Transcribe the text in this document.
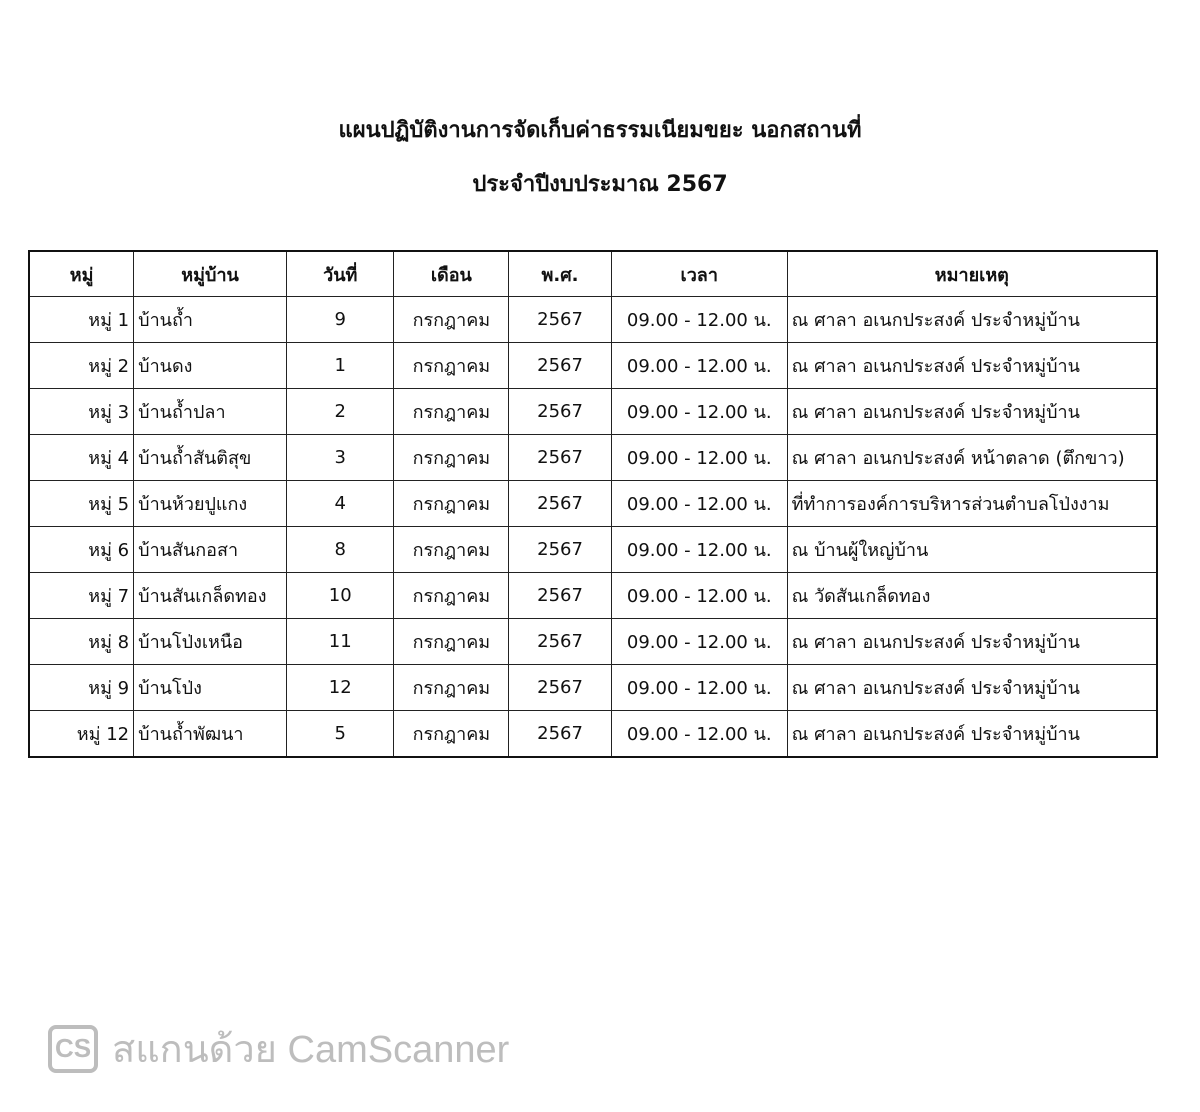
แผนปฏิบัติงานการจัดเก็บค่าธรรมเนียมขยะ นอกสถานที่
ประจำปีงบประมาณ 2567
หมู่	หมู่บ้าน	วันที่	เดือน	พ.ศ.	เวลา	หมายเหตุ
หมู่ 1	บ้านถ้ำ	9	กรกฎาคม	2567	09.00 - 12.00 น.	ณ ศาลา อเนกประสงค์ ประจำหมู่บ้าน
หมู่ 2	บ้านดง	1	กรกฎาคม	2567	09.00 - 12.00 น.	ณ ศาลา อเนกประสงค์ ประจำหมู่บ้าน
หมู่ 3	บ้านถ้ำปลา	2	กรกฎาคม	2567	09.00 - 12.00 น.	ณ ศาลา อเนกประสงค์ ประจำหมู่บ้าน
หมู่ 4	บ้านถ้ำสันติสุข	3	กรกฎาคม	2567	09.00 - 12.00 น.	ณ ศาลา อเนกประสงค์ หน้าตลาด (ตึกขาว)
หมู่ 5	บ้านห้วยปูแกง	4	กรกฎาคม	2567	09.00 - 12.00 น.	ที่ทำการองค์การบริหารส่วนตำบลโป่งงาม
หมู่ 6	บ้านสันกอสา	8	กรกฎาคม	2567	09.00 - 12.00 น.	ณ บ้านผู้ใหญ่บ้าน
หมู่ 7	บ้านสันเกล็ดทอง	10	กรกฎาคม	2567	09.00 - 12.00 น.	ณ วัดสันเกล็ดทอง
หมู่ 8	บ้านโป่งเหนือ	11	กรกฎาคม	2567	09.00 - 12.00 น.	ณ ศาลา อเนกประสงค์ ประจำหมู่บ้าน
หมู่ 9	บ้านโป่ง	12	กรกฎาคม	2567	09.00 - 12.00 น.	ณ ศาลา อเนกประสงค์ ประจำหมู่บ้าน
หมู่ 12	บ้านถ้ำพัฒนา	5	กรกฎาคม	2567	09.00 - 12.00 น.	ณ ศาลา อเนกประสงค์ ประจำหมู่บ้าน
CS สแกนด้วย CamScanner
